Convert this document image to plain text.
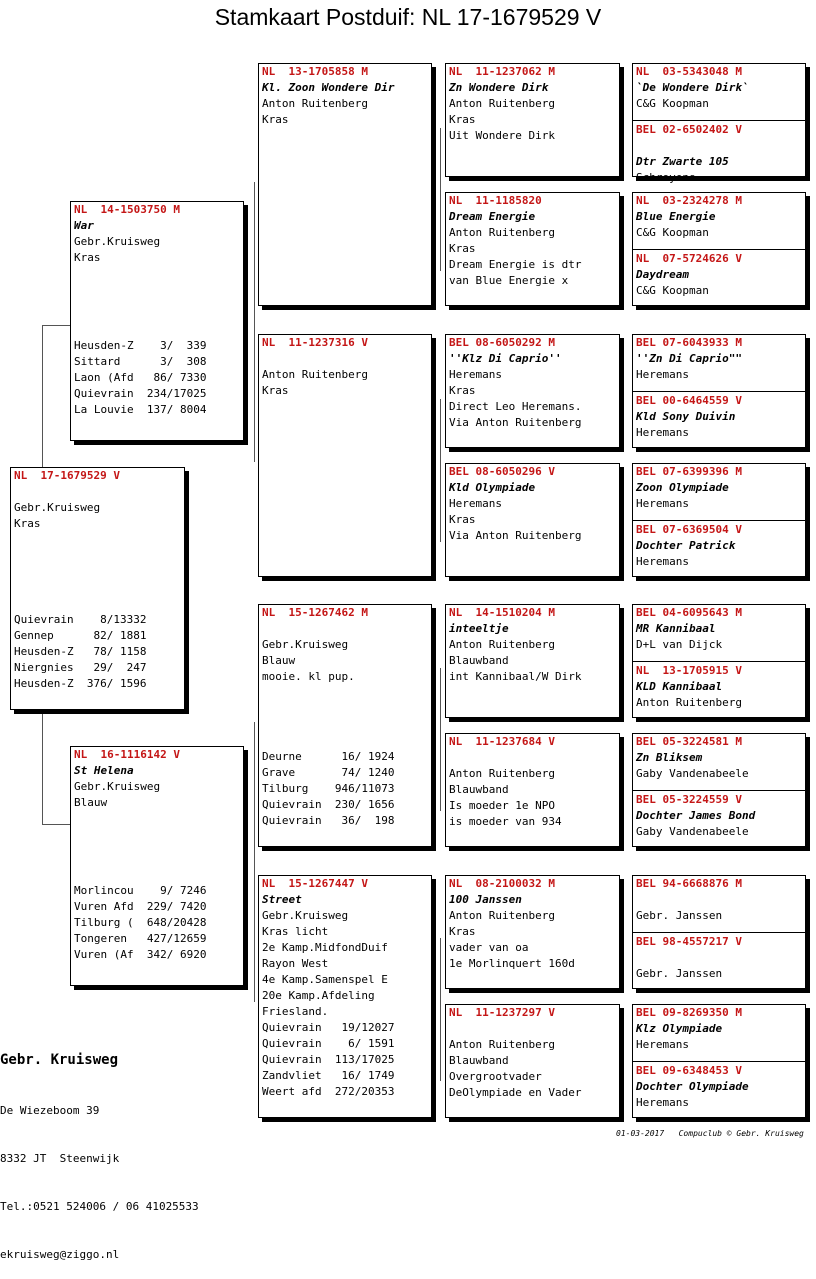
Stamkaart Postduif: NL 17-1679529 V
NL  17-1679529 V

Gebr.Kruisweg
Kras
Quievrain    8/13332
Gennep      82/ 1881
Heusden-Z   78/ 1158
Niergnies   29/  247
Heusden-Z  376/ 1596
NL  14-1503750 M
War
Gebr.Kruisweg
Kras
Heusden-Z    3/  339
Sittard      3/  308
Laon (Afd   86/ 7330
Quievrain  234/17025
La Louvie  137/ 8004
NL  16-1116142 V
St Helena
Gebr.Kruisweg
Blauw
Morlincou    9/ 7246
Vuren Afd  229/ 7420
Tilburg (  648/20428
Tongeren   427/12659
Vuren (Af  342/ 6920
NL  13-1705858 M
Kl. Zoon Wondere Dir
Anton Ruitenberg
Kras
NL  11-1237316 V

Anton Ruitenberg
Kras
NL  15-1267462 M

Gebr.Kruisweg
Blauw
mooie. kl pup.
Deurne      16/ 1924
Grave       74/ 1240
Tilburg    946/11073
Quievrain  230/ 1656
Quievrain   36/  198
NL  15-1267447 V
Street
Gebr.Kruisweg
Kras licht
2e Kamp.MidfondDuif
Rayon West
4e Kamp.Samenspel E
20e Kamp.Afdeling
Friesland.
Quievrain   19/12027
Quievrain    6/ 1591
Quievrain  113/17025
Zandvliet   16/ 1749
Weert afd  272/20353
NL  11-1237062 M
Zn Wondere Dirk
Anton Ruitenberg
Kras
Uit Wondere Dirk
NL  11-1185820
Dream Energie
Anton Ruitenberg
Kras
Dream Energie is dtr
van Blue Energie x
BEL 08-6050292 M
''Klz Di Caprio''
Heremans
Kras
Direct Leo Heremans.
Via Anton Ruitenberg
BEL 08-6050296 V
Kld Olympiade
Heremans
Kras
Via Anton Ruitenberg
NL  14-1510204 M
inteeltje
Anton Ruitenberg
Blauwband
int Kannibaal/W Dirk
NL  11-1237684 V

Anton Ruitenberg
Blauwband
Is moeder 1e NPO
is moeder van 934
NL  08-2100032 M
100 Janssen
Anton Ruitenberg
Kras
vader van oa
1e Morlinquert 160d
NL  11-1237297 V

Anton Ruitenberg
Blauwband
Overgrootvader
DeOlympiade en Vader
NL  03-5343048 M
`De Wondere Dirk`
C&G Koopman
BEL 02-6502402 V

Dtr Zwarte 105
Schroyens
NL  03-2324278 M
Blue Energie
C&G Koopman
NL  07-5724626 V
Daydream
C&G Koopman
BEL 07-6043933 M
''Zn Di Caprio""
Heremans
BEL 00-6464559 V
Kld Sony Duivin
Heremans
BEL 07-6399396 M
Zoon Olympiade
Heremans
BEL 07-6369504 V
Dochter Patrick
Heremans
BEL 04-6095643 M
MR Kannibaal
D+L van Dijck
NL  13-1705915 V
KLD Kannibaal
Anton Ruitenberg
BEL 05-3224581 M
Zn Bliksem
Gaby Vandenabeele
BEL 05-3224559 V
Dochter James Bond
Gaby Vandenabeele
BEL 94-6668876 M

Gebr. Janssen
BEL 98-4557217 V

Gebr. Janssen
BEL 09-8269350 M
Klz Olympiade
Heremans
BEL 09-6348453 V
Dochter Olympiade
Heremans

Gebr. Kruisweg

De Wiezeboom 39

8332 JT  Steenwijk

Tel.:0521 524006 / 06 41025533

ekruisweg@ziggo.nl

01-03-2017   Compuclub © Gebr. Kruisweg
